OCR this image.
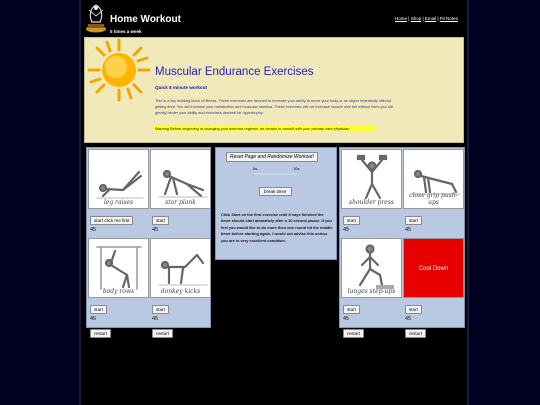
Home Workout
5 times a week
Home | Shop | Email | Fit Notes
Muscular Endurance Exercises
Quick 8 minute workout
This is a key building block of fitness. These exercises are desined to increase your ability to move your body or an object repeatedly without getting tired. You will increase your metabolism and muscular stamina. These exercises will not increase muscle size but without them you will greatly hinder your ability and exercises desined for hypertrophy.
Warning Before beginning or changing your exercise regimen, be certain to consult with your primary care physician.
leg raises
start click me first
45
star plank
start
45
body rows
start
45
restart
donkey kicks
start
45
restart
Reset Page and Randomize Workout!
0s	10s
break timer
Click Start on the first exercise until it says finished the timer should start atomaticly after a 10 second pause. If you feel you would like to do more then one round hit the middle timer before starting again. I would not advise this unless you are in very excellent condition.
shoulder press
start
45
close grip push-ups
start
45
lunges step-ups
start
45
restart
Cool Down
start
45
restart
